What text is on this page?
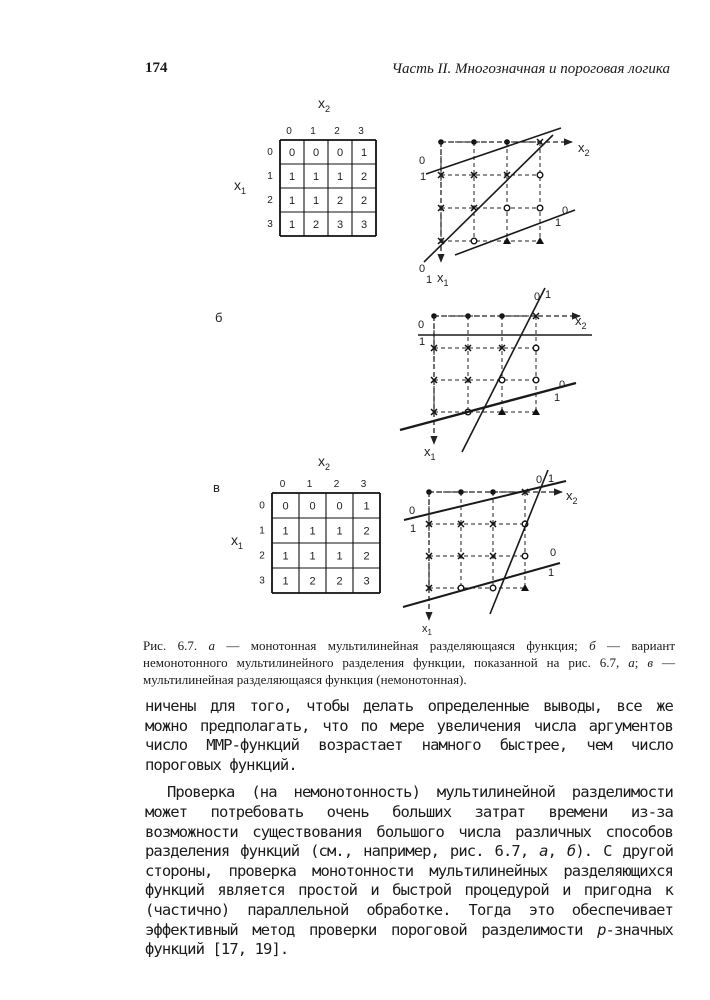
174	Часть II. Многозначная и пороговая логика
$x_2$
$x_1$
0 1 2 3
0
1
2
3
0 0 0 1
1 1 1 2
1 1 2 2
1 2 3 3
$x_2$
$x_1$
0
1
0
1
0
1
б	$x_2$
$x_1$
0
1
0 1
0
1
в
$x_2$
$x_1$
0 1 2 3
0
1
2
3
0 0 0 1
1 1 1 2
1 1 1 2
1 2 2 3
$x_2$
$x_1$
0
1
0 1
0
1
Рис. 6.7. а — монотонная мультилинейная разделяющаяся функция; б — вариант немонотонного мультилинейного разделения функции, показанной на рис. 6.7, а; в — мультилинейная разделяющаяся функция (немонотонная).

ничены для того, чтобы делать определенные выводы, все же можно предполагать, что по мере увеличения числа аргументов число ММР-функций возрастает намного быстрее, чем число пороговых функций.

Проверка (на немонотонность) мультилинейной разделимости может потребовать очень больших затрат времени из-за возможности существования большого числа различных способов разделения функций (см., например, рис. 6.7, а, б). С другой стороны, проверка монотонности мультилинейных разделяющихся функций является простой и быстрой процедурой и пригодна к (частично) параллельной обработке. Тогда это обеспечивает эффективный метод проверки пороговой разделимости p-значных функций [17, 19].
